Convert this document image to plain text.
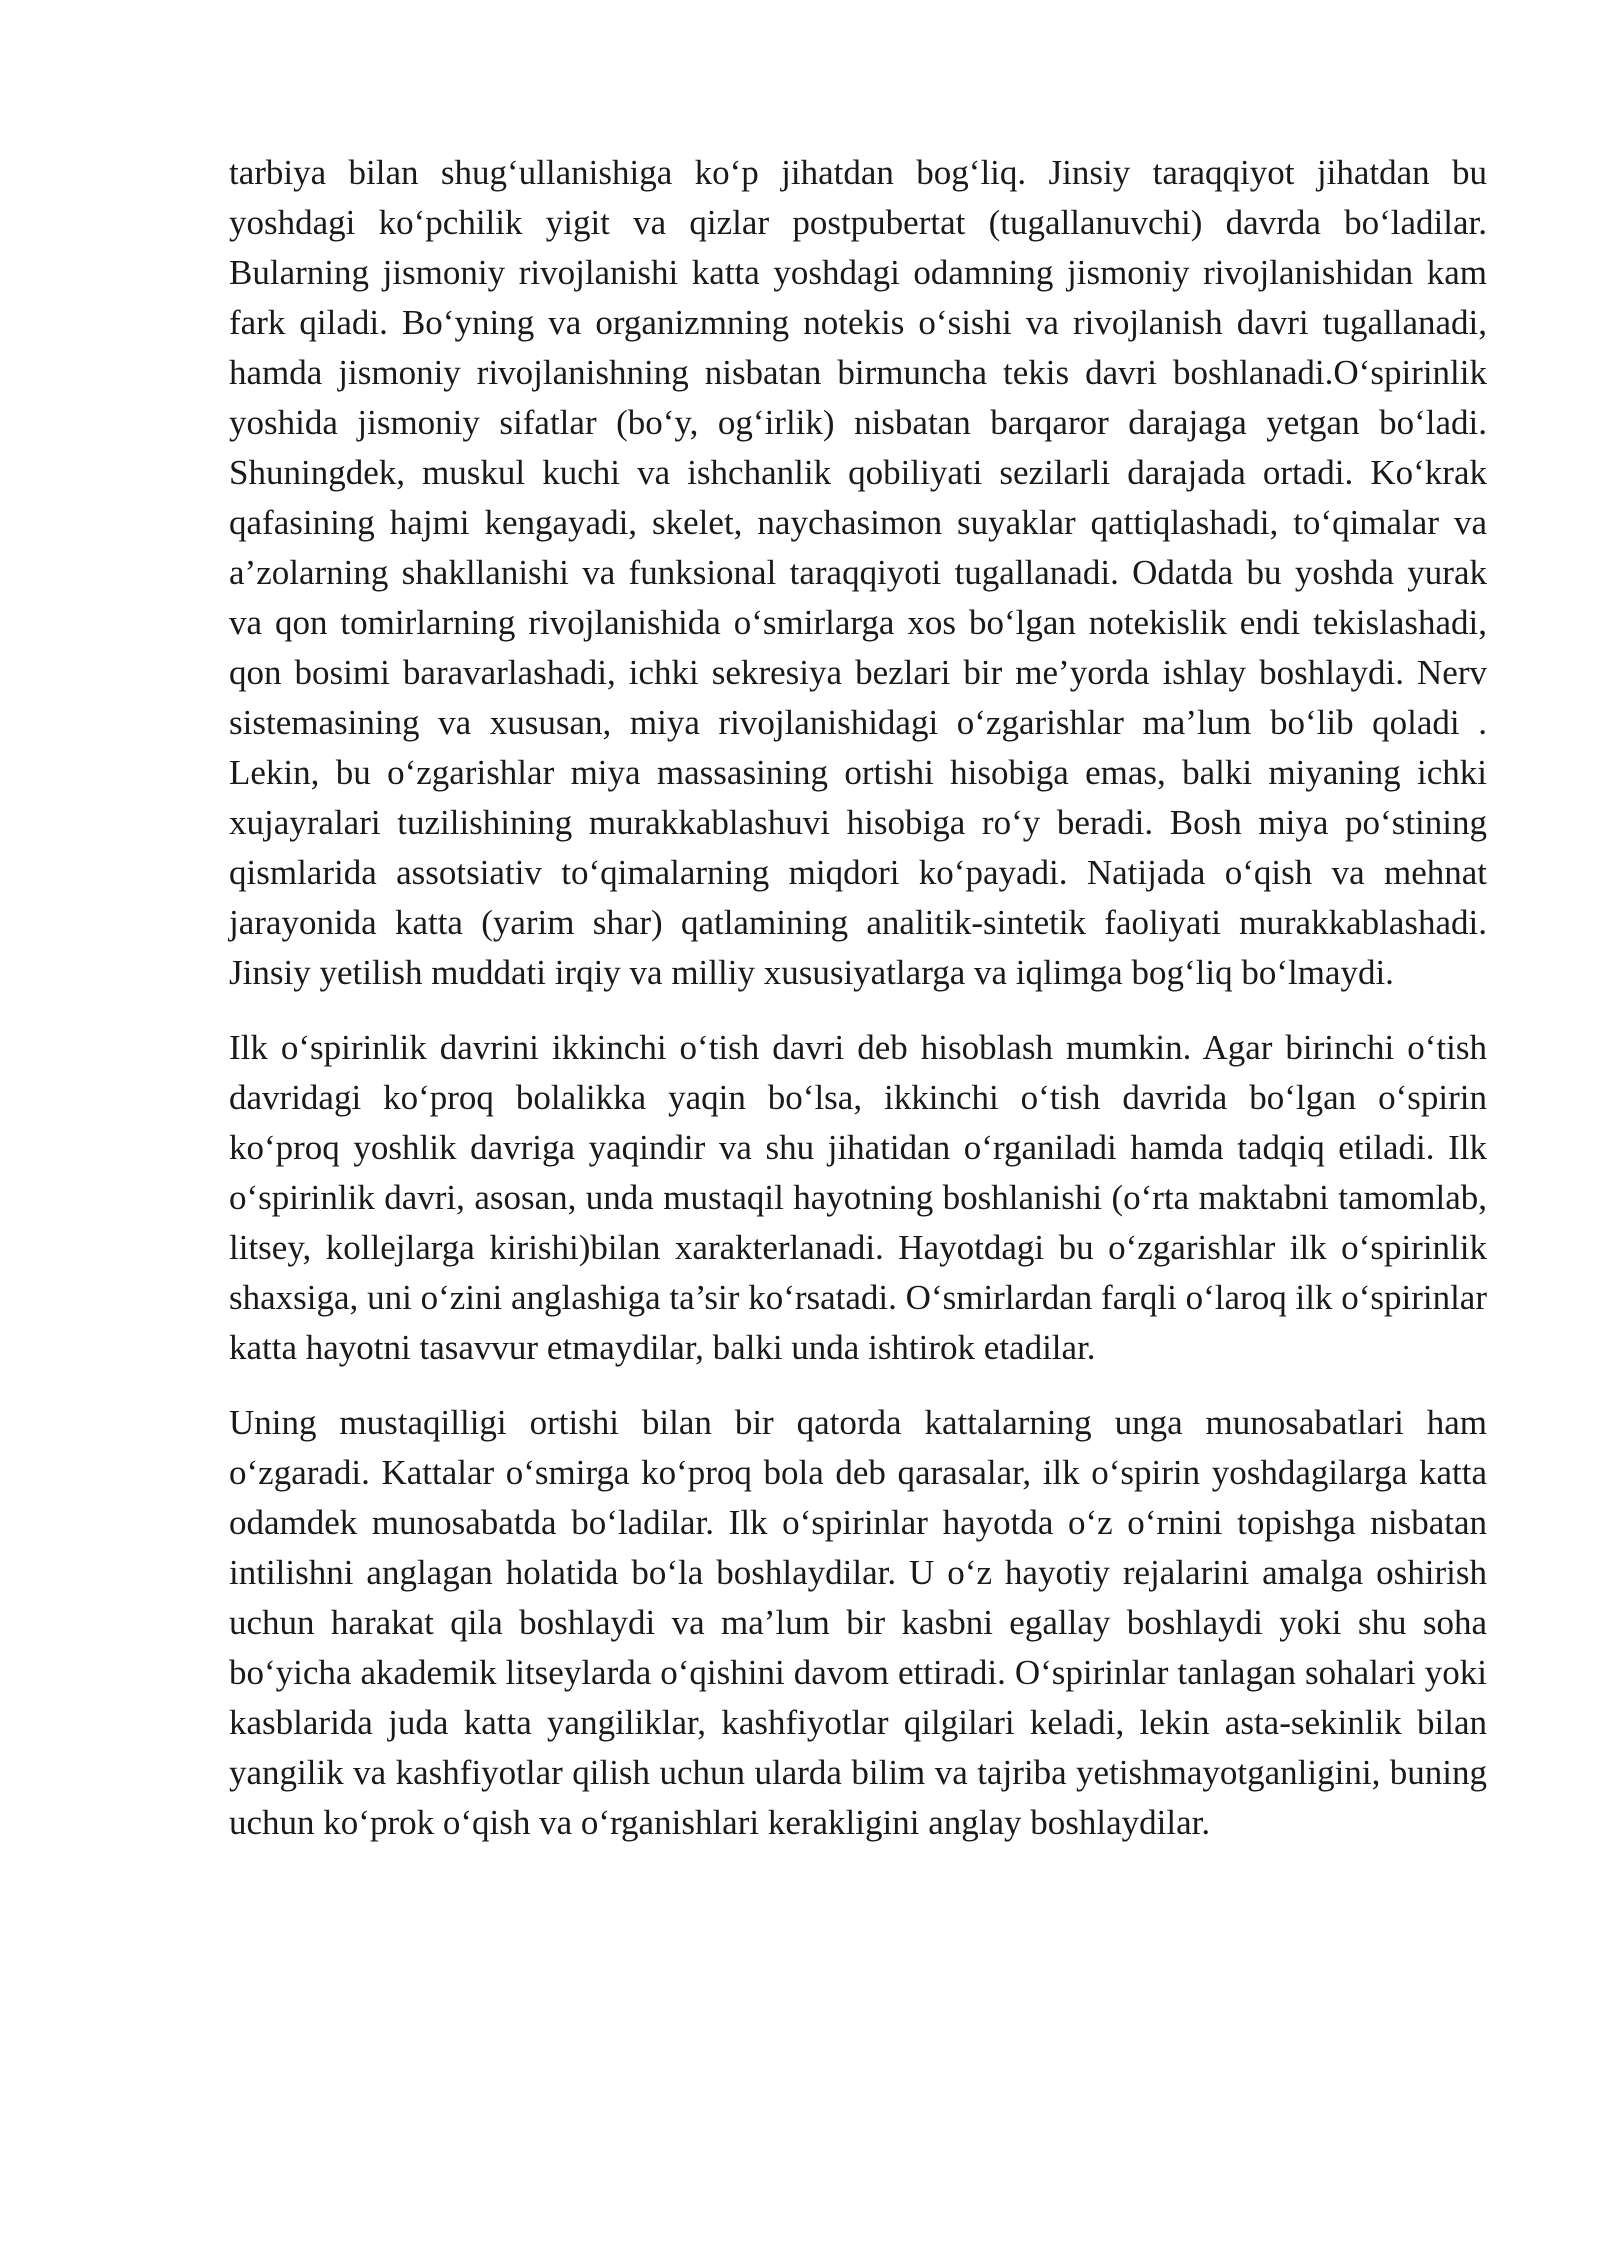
tarbiya bilan shugʻullanishiga koʻp jihatdan bogʻliq. Jinsiy taraqqiyot jihatdan bu yoshdagi koʻpchilik yigit va qizlar postpubertat (tugallanuvchi) davrda boʻladilar. Bularning jismoniy rivojlanishi katta yoshdagi odamning jismoniy rivojlanishidan kam fark qiladi. Boʻyning va organizmning notekis oʻsishi va rivojlanish davri tugallanadi, hamda jismoniy rivojlanishning nisbatan birmuncha tekis davri boshlanadi.Oʻspirinlik yoshida jismoniy sifatlar (boʻy, ogʻirlik) nisbatan barqaror darajaga yetgan boʻladi. Shuningdek, muskul kuchi va ishchanlik qobiliyati sezilarli darajada ortadi. Koʻkrak qafasining hajmi kengayadi, skelet, naychasimon suyaklar qattiqlashadi, toʻqimalar va a’zolarning shakllanishi va funksional taraqqiyoti tugallanadi. Odatda bu yoshda yurak va qon tomirlarning rivojlanishida oʻsmirlarga xos boʻlgan notekislik endi tekislashadi, qon bosimi baravarlashadi, ichki sekresiya bezlari bir me’yorda ishlay boshlaydi. Nerv sistemasining va xususan, miya rivojlanishidagi oʻzgarishlar ma’lum boʻlib qoladi . Lekin, bu oʻzgarishlar miya massasining ortishi hisobiga emas, balki miyaning ichki xujayralari tuzilishining murakkablashuvi hisobiga roʻy beradi. Bosh miya poʻstining qismlarida assotsiativ toʻqimalarning miqdori koʻpayadi. Natijada oʻqish va mehnat jarayonida katta (yarim shar) qatlamining analitik-sintetik faoliyati murakkablashadi. Jinsiy yetilish muddati irqiy va milliy xususiyatlarga va iqlimga bogʻliq boʻlmaydi.

Ilk oʻspirinlik davrini ikkinchi oʻtish davri deb hisoblash mumkin. Agar birinchi oʻtish davridagi koʻproq bolalikka yaqin boʻlsa, ikkinchi oʻtish davrida boʻlgan oʻspirin koʻproq yoshlik davriga yaqindir va shu jihatidan oʻrganiladi hamda tadqiq etiladi. Ilk oʻspirinlik davri, asosan, unda mustaqil hayotning boshlanishi (oʻrta maktabni tamomlab, litsey, kollejlarga kirishi)bilan xarakterlanadi. Hayotdagi bu oʻzgarishlar ilk oʻspirinlik shaxsiga, uni oʻzini anglashiga ta’sir koʻrsatadi. Oʻsmirlardan farqli oʻlaroq ilk oʻspirinlar katta hayotni tasavvur etmaydilar, balki unda ishtirok etadilar.

Uning mustaqilligi ortishi bilan bir qatorda kattalarning unga munosabatlari ham oʻzgaradi. Kattalar oʻsmirga koʻproq bola deb qarasalar, ilk oʻspirin yoshdagilarga katta odamdek munosabatda boʻladilar. Ilk oʻspirinlar hayotda oʻz oʻrnini topishga nisbatan intilishni anglagan holatida boʻla boshlaydilar. U oʻz hayotiy rejalarini amalga oshirish uchun harakat qila boshlaydi va ma’lum bir kasbni egallay boshlaydi yoki shu soha boʻyicha akademik litseylarda oʻqishini davom ettiradi. Oʻspirinlar tanlagan sohalari yoki kasblarida juda katta yangiliklar, kashfiyotlar qilgilari keladi, lekin asta-sekinlik bilan yangilik va kashfiyotlar qilish uchun ularda bilim va tajriba yetishmayotganligini, buning uchun koʻprok oʻqish va oʻrganishlari kerakligini anglay boshlaydilar.
